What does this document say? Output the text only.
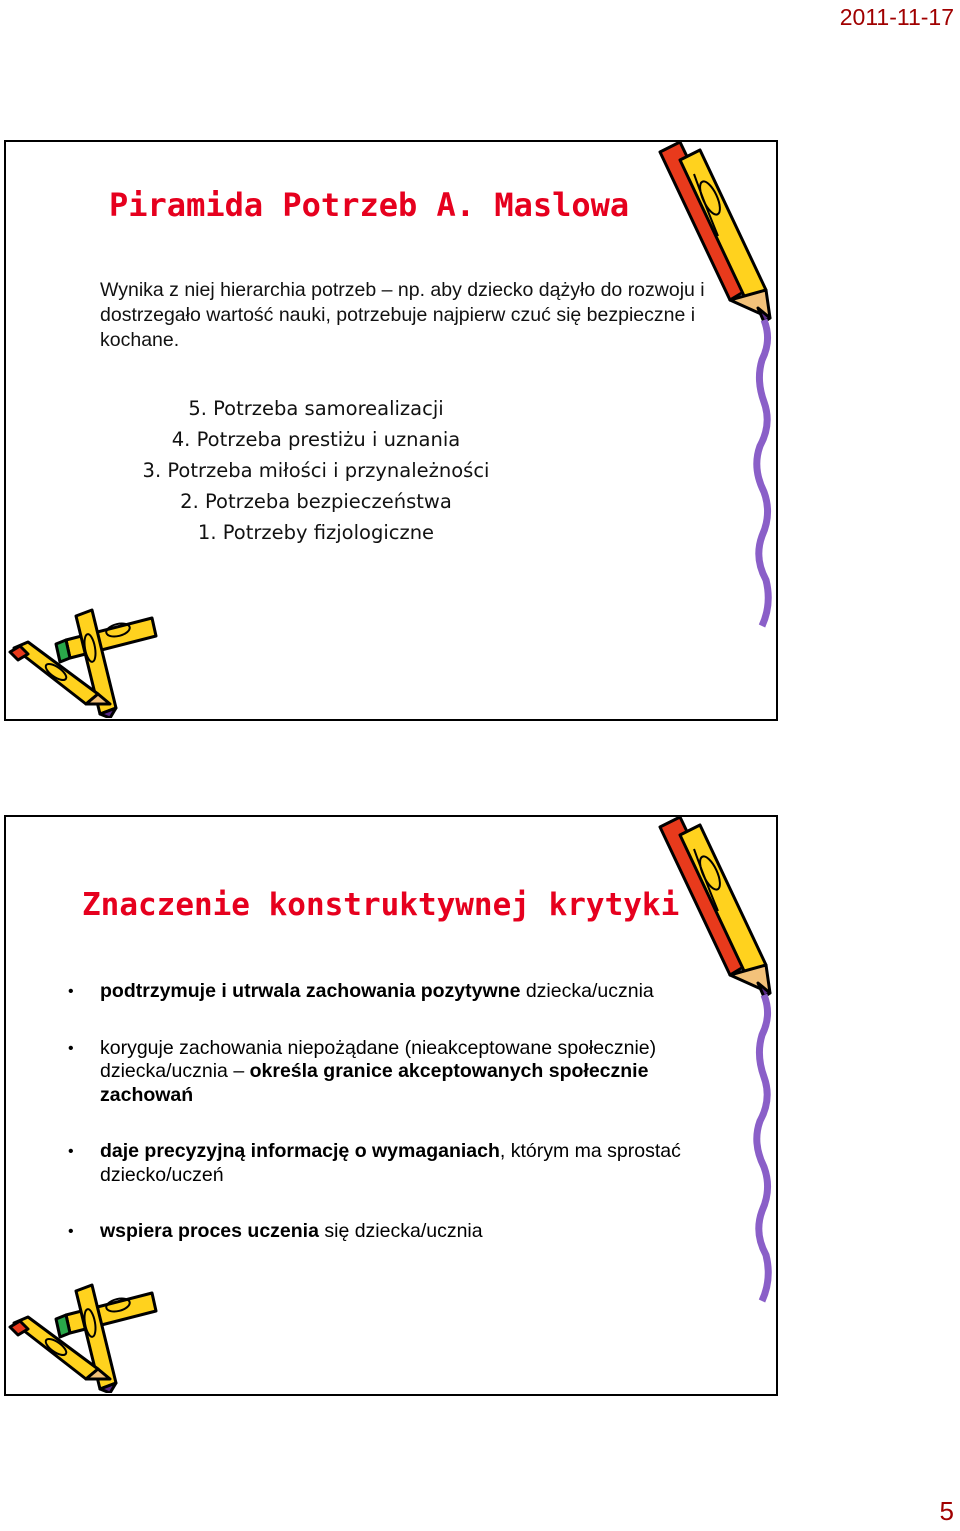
2011-11-17
Piramida Potrzeb A. Maslowa
Wynika z niej hierarchia potrzeb – np. aby dziecko dążyło do rozwoju i dostrzegało wartość nauki, potrzebuje najpierw czuć się bezpieczne i kochane.
5. Potrzeba samorealizacji
4. Potrzeba prestiżu i uznania
3. Potrzeba miłości i przynależności
2. Potrzeba bezpieczeństwa
1. Potrzeby fizjologiczne
Znaczenie konstruktywnej krytyki
• podtrzymuje i utrwala zachowania pozytywne dziecka/ucznia
• koryguje zachowania niepożądane (nieakceptowane społecznie) dziecka/ucznia – określa granice akceptowanych społecznie zachowań
• daje precyzyjną informację o wymaganiach, którym ma sprostać dziecko/uczeń
• wspiera proces uczenia się dziecka/ucznia
5
